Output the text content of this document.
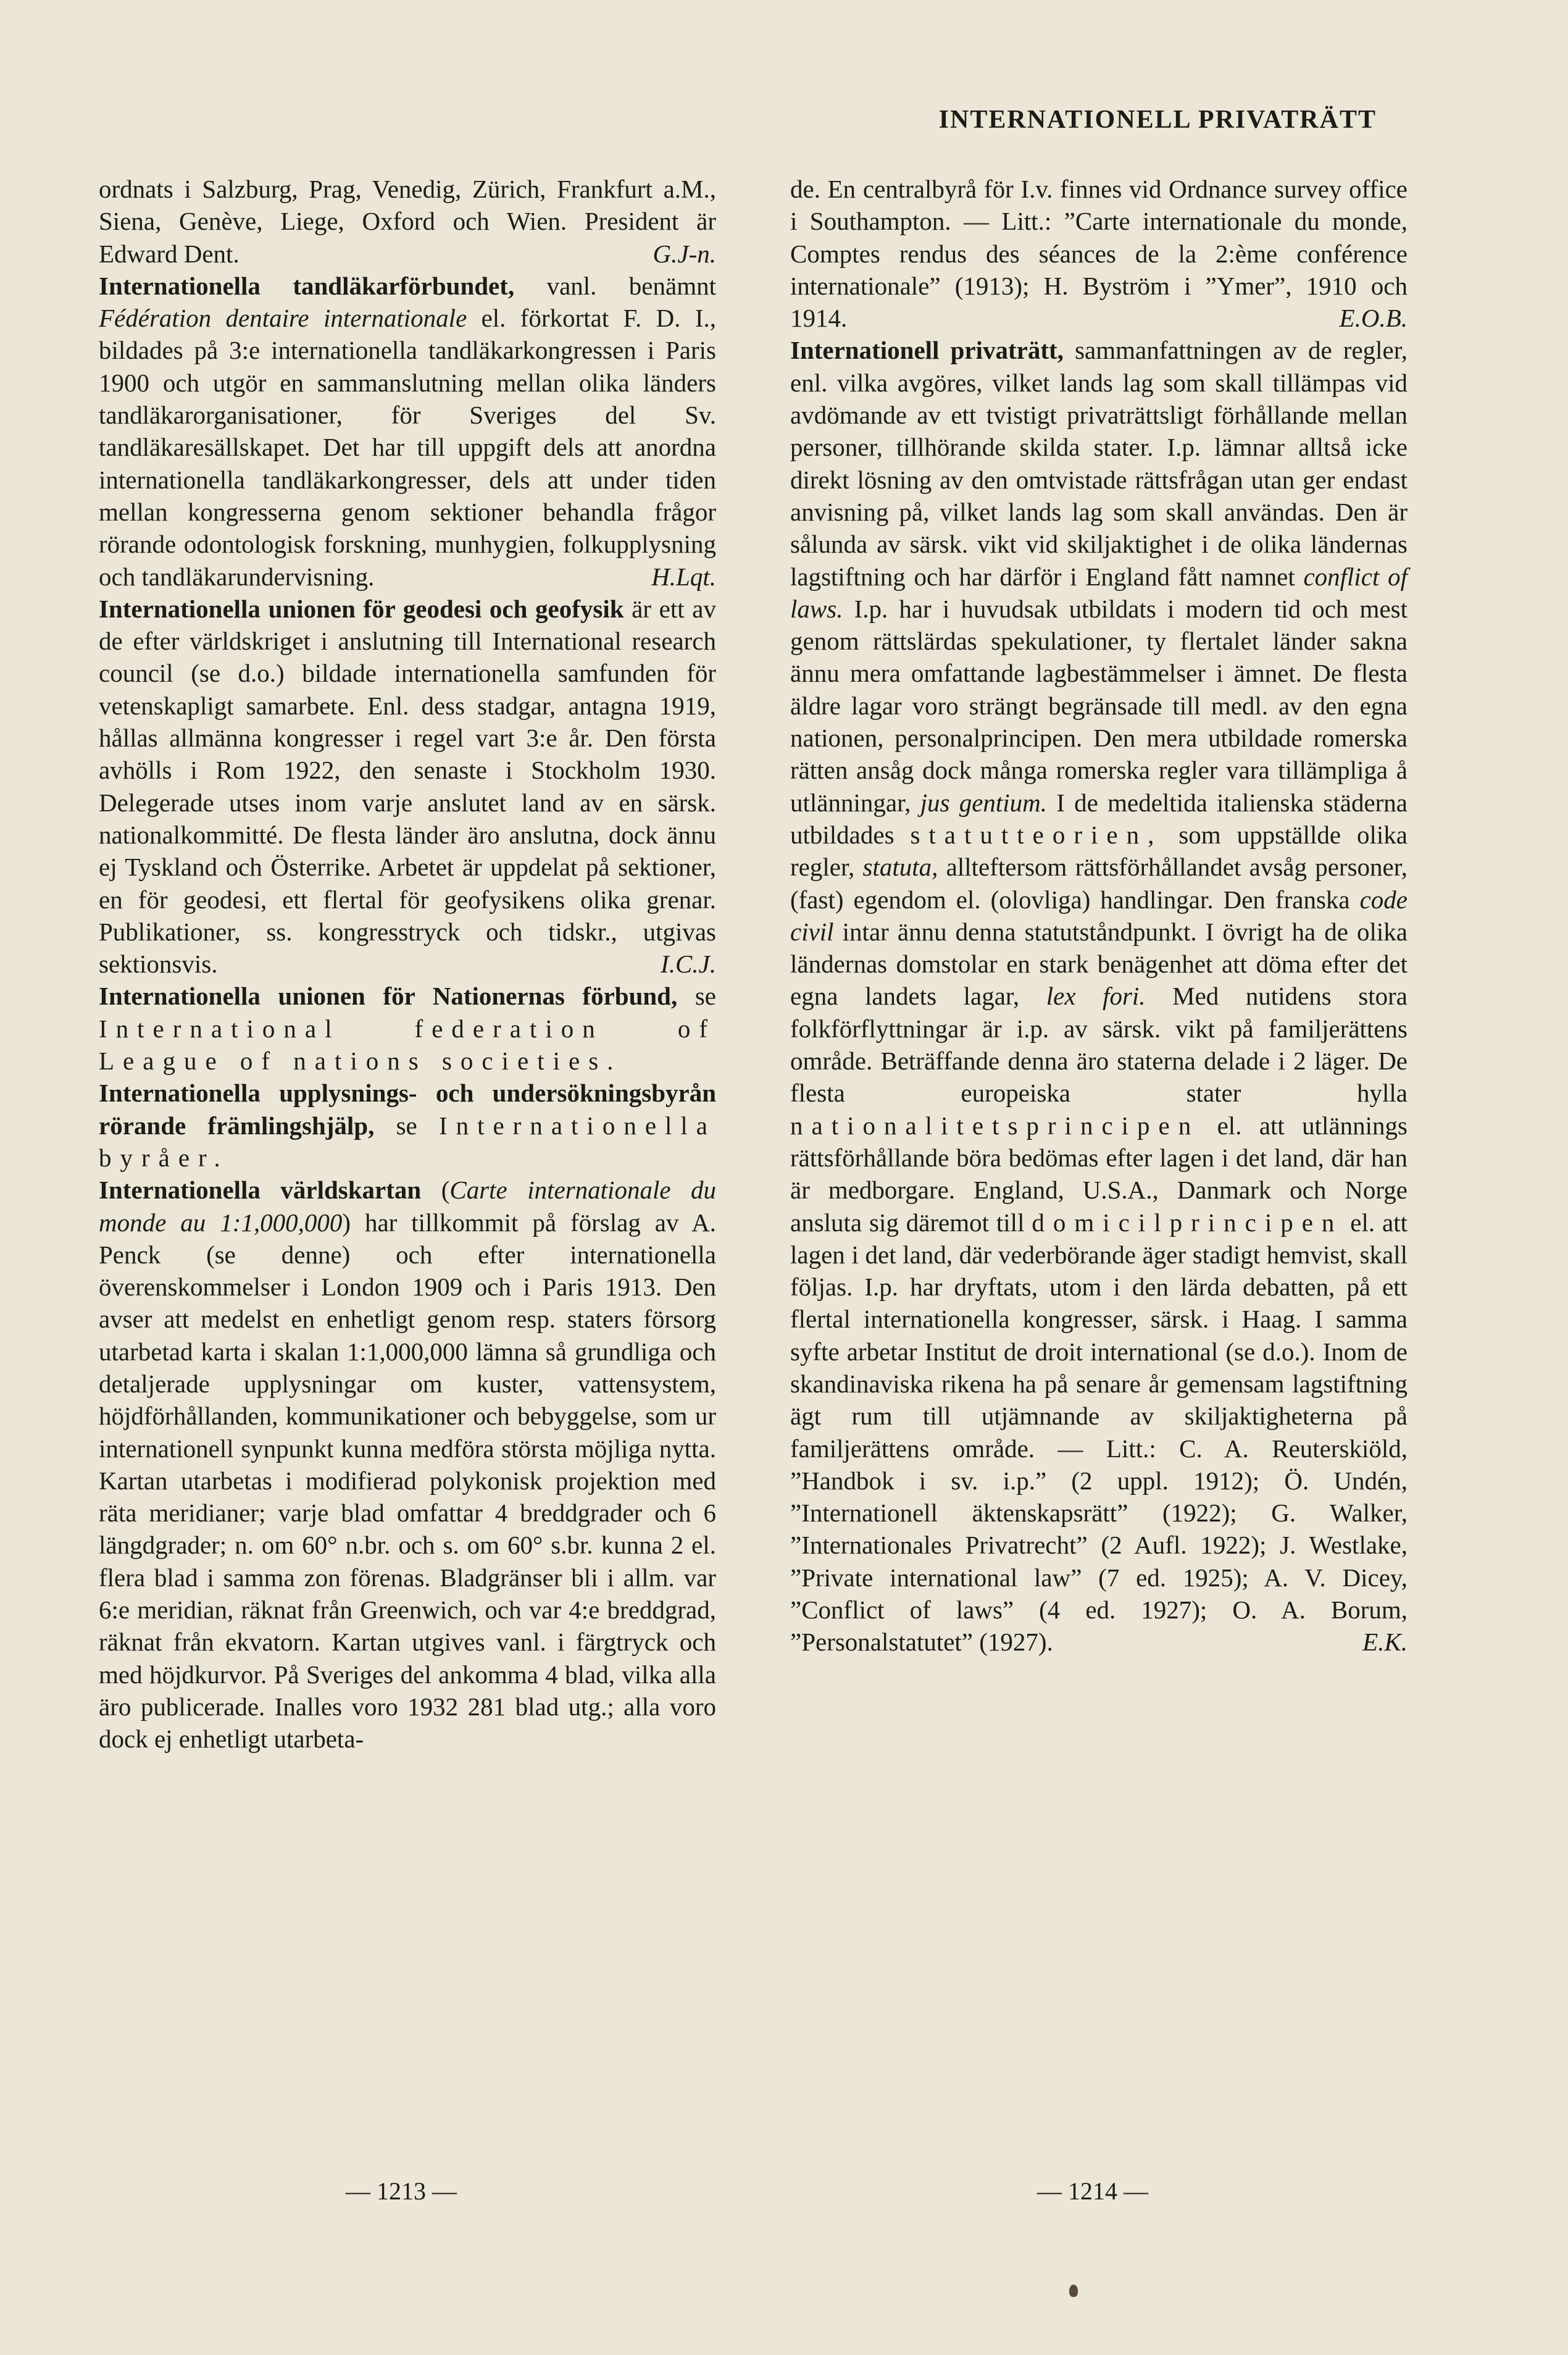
INTERNATIONELL PRIVATRÄTT

ordnats i Salzburg, Prag, Venedig, Zürich, Frankfurt a.M., Siena, Genève, Liege, Oxford och Wien. President är Edward Dent.	G.J-n.

Internationella tandläkarförbundet, vanl. benämnt Fédération dentaire internationale el. förkortat F. D. I., bildades på 3:e internationella tandläkarkongressen i Paris 1900 och utgör en sammanslutning mellan olika länders tandläkarorganisationer, för Sveriges del Sv. tandläkaresällskapet. Det har till uppgift dels att anordna internationella tandläkarkongresser, dels att under tiden mellan kongresserna genom sektioner behandla frågor rörande odontologisk forskning, munhygien, folkupplysning och tandläkarundervisning.	H.Lqt.

Internationella unionen för geodesi och geofysik är ett av de efter världskriget i anslutning till International research council (se d.o.) bildade internationella samfunden för vetenskapligt samarbete. Enl. dess stadgar, antagna 1919, hållas allmänna kongresser i regel vart 3:e år. Den första avhölls i Rom 1922, den senaste i Stockholm 1930. Delegerade utses inom varje anslutet land av en särsk. nationalkommitté. De flesta länder äro anslutna, dock ännu ej Tyskland och Österrike. Arbetet är uppdelat på sektioner, en för geodesi, ett flertal för geofysikens olika grenar. Publikationer, ss. kongresstryck och tidskr., utgivas sektionsvis.	I.C.J.

Internationella unionen för Nationernas förbund, se International federation of League of nations societies.

Internationella upplysnings- och undersökningsbyrån rörande främlingshjälp, se Internationella byråer.

Internationella världskartan (Carte internationale du monde au 1:1,000,000) har tillkommit på förslag av A. Penck (se denne) och efter internationella överenskommelser i London 1909 och i Paris 1913. Den avser att medelst en enhetligt genom resp. staters försorg utarbetad karta i skalan 1:1,000,000 lämna så grundliga och detaljerade upplysningar om kuster, vattensystem, höjdförhållanden, kommunikationer och bebyggelse, som ur internationell synpunkt kunna medföra största möjliga nytta. Kartan utarbetas i modifierad polykonisk projektion med räta meridianer; varje blad omfattar 4 breddgrader och 6 längdgrader; n. om 60° n.br. och s. om 60° s.br. kunna 2 el. flera blad i samma zon förenas. Bladgränser bli i allm. var 6:e meridian, räknat från Greenwich, och var 4:e breddgrad, räknat från ekvatorn. Kartan utgives vanl. i färgtryck och med höjdkurvor. På Sveriges del ankomma 4 blad, vilka alla äro publicerade. Inalles voro 1932 281 blad utg.; alla voro dock ej enhetligt utarbeta-

de. En centralbyrå för I.v. finnes vid Ordnance survey office i Southampton. — Litt.: ”Carte internationale du monde, Comptes rendus des séances de la 2:ème conférence internationale” (1913); H. Byström i ”Ymer”, 1910 och 1914.	E.O.B.

Internationell privaträtt, sammanfattningen av de regler, enl. vilka avgöres, vilket lands lag som skall tillämpas vid avdömande av ett tvistigt privaträttsligt förhållande mellan personer, tillhörande skilda stater. I.p. lämnar alltså icke direkt lösning av den omtvistade rättsfrågan utan ger endast anvisning på, vilket lands lag som skall användas. Den är sålunda av särsk. vikt vid skiljaktighet i de olika ländernas lagstiftning och har därför i England fått namnet conflict of laws. I.p. har i huvudsak utbildats i modern tid och mest genom rättslärdas spekulationer, ty flertalet länder sakna ännu mera omfattande lagbestämmelser i ämnet. De flesta äldre lagar voro strängt begränsade till medl. av den egna nationen, personalprincipen. Den mera utbildade romerska rätten ansåg dock många romerska regler vara tillämpliga å utlänningar, jus gentium. I de medeltida italienska städerna utbildades statutteorien, som uppställde olika regler, statuta, allteftersom rättsförhållandet avsåg personer, (fast) egendom el. (olovliga) handlingar. Den franska code civil intar ännu denna statutståndpunkt. I övrigt ha de olika ländernas domstolar en stark benägenhet att döma efter det egna landets lagar, lex fori. Med nutidens stora folkförflyttningar är i.p. av särsk. vikt på familjerättens område. Beträffande denna äro staterna delade i 2 läger. De flesta europeiska stater hylla nationalitetsprincipen el. att utlännings rättsförhållande böra bedömas efter lagen i det land, där han är medborgare. England, U.S.A., Danmark och Norge ansluta sig däremot till domicilprincipen el. att lagen i det land, där vederbörande äger stadigt hemvist, skall följas. I.p. har dryftats, utom i den lärda debatten, på ett flertal internationella kongresser, särsk. i Haag. I samma syfte arbetar Institut de droit international (se d.o.). Inom de skandinaviska rikena ha på senare år gemensam lagstiftning ägt rum till utjämnande av skiljaktigheterna på familjerättens område. — Litt.: C. A. Reuterskiöld, ”Handbok i sv. i.p.” (2 uppl. 1912); Ö. Undén, ”Internationell äktenskapsrätt” (1922); G. Walker, ”Internationales Privatrecht” (2 Aufl. 1922); J. Westlake, ”Private international law” (7 ed. 1925); A. V. Dicey, ”Conflict of laws” (4 ed. 1927); O. A. Borum, ”Personalstatutet” (1927).	E.K.

— 1213 —	— 1214 —
